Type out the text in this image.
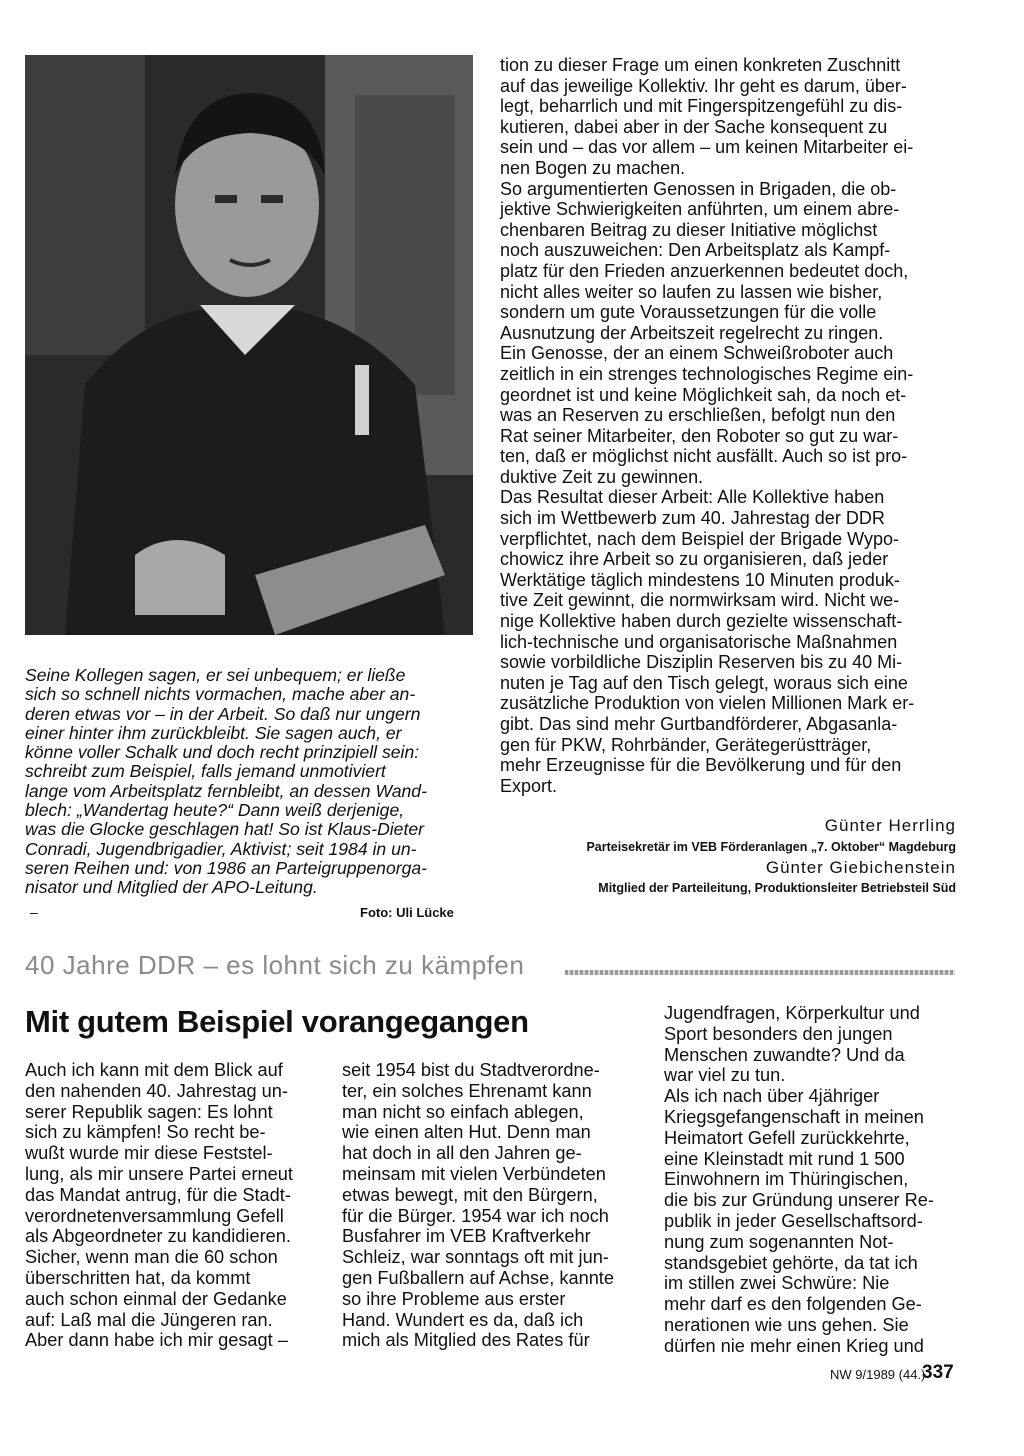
Seine Kollegen sagen, er sei unbequem; er ließe

sich so schnell nichts vormachen, mache aber an-

deren etwas vor – in der Arbeit. So daß nur ungern

einer hinter ihm zurückbleibt. Sie sagen auch, er

könne voller Schalk und doch recht prinzipiell sein:

schreibt zum Beispiel, falls jemand unmotiviert

lange vom Arbeitsplatz fernbleibt, an dessen Wand-

blech: „Wandertag heute?“ Dann weiß derjenige,

was die Glocke geschlagen hat! So ist Klaus-Dieter

Conradi, Jugendbrigadier, Aktivist; seit 1984 in un-

seren Reihen und: von 1986 an Parteigruppenorga-

nisator und Mitglied der APO-Leitung.

–	Foto: Uli Lücke

tion zu dieser Frage um einen konkreten Zuschnitt

auf das jeweilige Kollektiv. Ihr geht es darum, über-

legt, beharrlich und mit Fingerspitzengefühl zu dis-

kutieren, dabei aber in der Sache konsequent zu

sein und – das vor allem – um keinen Mitarbeiter ei-

nen Bogen zu machen.

So argumentierten Genossen in Brigaden, die ob-

jektive Schwierigkeiten anführten, um einem abre-

chenbaren Beitrag zu dieser Initiative möglichst

noch auszuweichen: Den Arbeitsplatz als Kampf-

platz für den Frieden anzuerkennen bedeutet doch,

nicht alles weiter so laufen zu lassen wie bisher,

sondern um gute Voraussetzungen für die volle

Ausnutzung der Arbeitszeit regelrecht zu ringen.

Ein Genosse, der an einem Schweißroboter auch

zeitlich in ein strenges technologisches Regime ein-

geordnet ist und keine Möglichkeit sah, da noch et-

was an Reserven zu erschließen, befolgt nun den

Rat seiner Mitarbeiter, den Roboter so gut zu war-

ten, daß er möglichst nicht ausfällt. Auch so ist pro-

duktive Zeit zu gewinnen.

Das Resultat dieser Arbeit: Alle Kollektive haben

sich im Wettbewerb zum 40. Jahrestag der DDR

verpflichtet, nach dem Beispiel der Brigade Wypo-

chowicz ihre Arbeit so zu organisieren, daß jeder

Werktätige täglich mindestens 10 Minuten produk-

tive Zeit gewinnt, die normwirksam wird. Nicht we-

nige Kollektive haben durch gezielte wissenschaft-

lich-technische und organisatorische Maßnahmen

sowie vorbildliche Disziplin Reserven bis zu 40 Mi-

nuten je Tag auf den Tisch gelegt, woraus sich eine

zusätzliche Produktion von vielen Millionen Mark er-

gibt. Das sind mehr Gurtbandförderer, Abgasanla-

gen für PKW, Rohrbänder, Gerätegerüstträger,

mehr Erzeugnisse für die Bevölkerung und für den

Export.

Günter Herrling
Parteisekretär im VEB Förderanlagen „7. Oktober“ Magdeburg
Günter Giebichenstein
Mitglied der Parteileitung, Produktionsleiter Betriebsteil Süd
40 Jahre DDR – es lohnt sich zu kämpfen
Mit gutem Beispiel vorangegangen

Auch ich kann mit dem Blick auf

den nahenden 40. Jahrestag un-

serer Republik sagen: Es lohnt

sich zu kämpfen! So recht be-

wußt wurde mir diese Feststel-

lung, als mir unsere Partei erneut

das Mandat antrug, für die Stadt-

verordnetenversammlung Gefell

als Abgeordneter zu kandidieren.

Sicher, wenn man die 60 schon

überschritten hat, da kommt

auch schon einmal der Gedanke

auf: Laß mal die Jüngeren ran.

Aber dann habe ich mir gesagt –

seit 1954 bist du Stadtverordne-

ter, ein solches Ehrenamt kann

man nicht so einfach ablegen,

wie einen alten Hut. Denn man

hat doch in all den Jahren ge-

meinsam mit vielen Verbündeten

etwas bewegt, mit den Bürgern,

für die Bürger. 1954 war ich noch

Busfahrer im VEB Kraftverkehr

Schleiz, war sonntags oft mit jun-

gen Fußballern auf Achse, kannte

so ihre Probleme aus erster

Hand. Wundert es da, daß ich

mich als Mitglied des Rates für

Jugendfragen, Körperkultur und

Sport besonders den jungen

Menschen zuwandte? Und da

war viel zu tun.

Als ich nach über 4jähriger

Kriegsgefangenschaft in meinen

Heimatort Gefell zurückkehrte,

eine Kleinstadt mit rund 1 500

Einwohnern im Thüringischen,

die bis zur Gründung unserer Re-

publik in jeder Gesellschaftsord-

nung zum sogenannten Not-

standsgebiet gehörte, da tat ich

im stillen zwei Schwüre: Nie

mehr darf es den folgenden Ge-

nerationen wie uns gehen. Sie

dürfen nie mehr einen Krieg und

NW 9/1989 (44.)
337
